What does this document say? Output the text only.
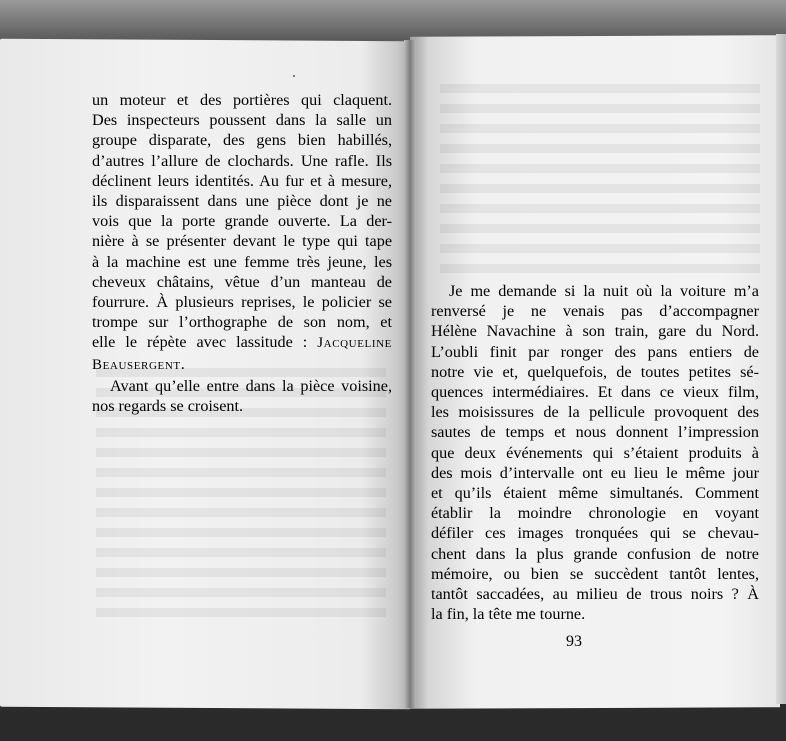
un moteur et des portières qui claquent.
Des inspecteurs poussent dans la salle un
groupe disparate, des gens bien habillés,
d’autres l’allure de clochards. Une rafle. Ils
déclinent leurs identités. Au fur et à mesure,
ils disparaissent dans une pièce dont je ne
vois que la porte grande ouverte. La der-
nière à se présenter devant le type qui tape
à la machine est une femme très jeune, les
cheveux châtains, vêtue d’un manteau de
fourrure. À plusieurs reprises, le policier se
trompe sur l’orthographe de son nom, et
elle le répète avec lassitude : Jacqueline
Beausergent.
Avant qu’elle entre dans la pièce voisine,
nos regards se croisent.
Je me demande si la nuit où la voiture m’a
renversé je ne venais pas d’accompagner
Hélène Navachine à son train, gare du Nord.
L’oubli finit par ronger des pans entiers de
notre vie et, quelquefois, de toutes petites sé-
quences intermédiaires. Et dans ce vieux film,
les moisissures de la pellicule provoquent des
sautes de temps et nous donnent l’impression
que deux événements qui s’étaient produits à
des mois d’intervalle ont eu lieu le même jour
et qu’ils étaient même simultanés. Comment
établir la moindre chronologie en voyant
défiler ces images tronquées qui se chevau-
chent dans la plus grande confusion de notre
mémoire, ou bien se succèdent tantôt lentes,
tantôt saccadées, au milieu de trous noirs ? À
la fin, la tête me tourne.
93
